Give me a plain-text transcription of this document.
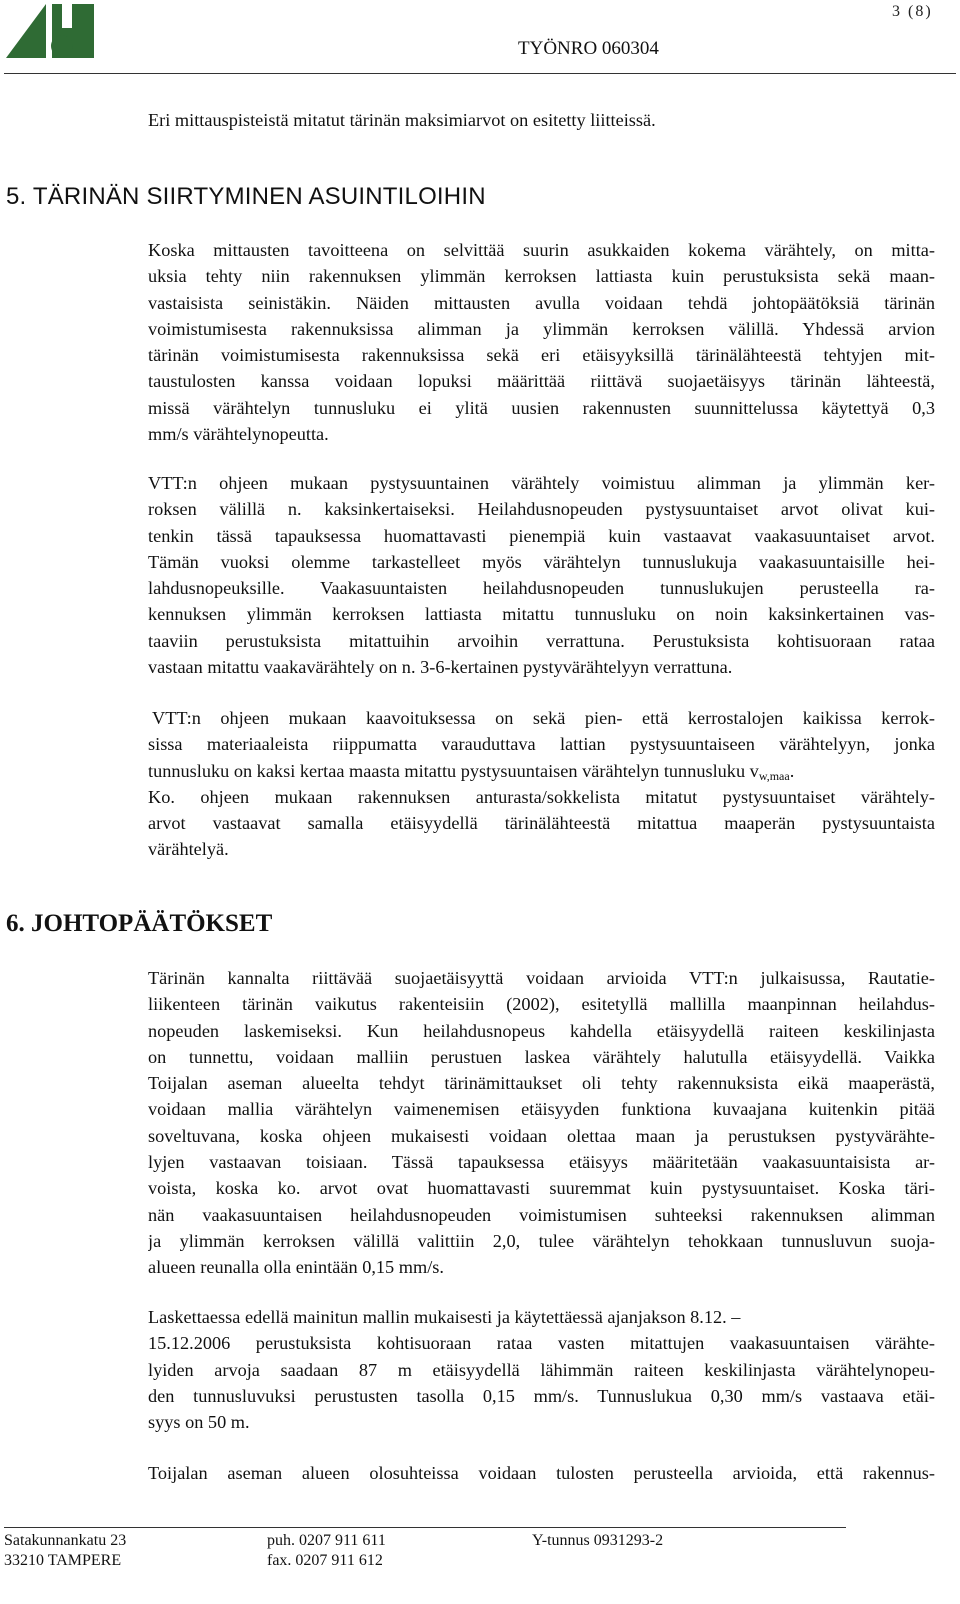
3 (8)
TYÖNRO 060304

Eri mittauspisteistä mitatut tärinän maksimiarvot on esitetty liitteissä.

5. TÄRINÄN SIIRTYMINEN ASUINTILOIHIN

Koska mittausten tavoitteena on selvittää suurin asukkaiden kokema värähtely, on mitta-
uksia tehty niin rakennuksen ylimmän kerroksen lattiasta kuin perustuksista sekä maan-
vastaisista seinistäkin. Näiden mittausten avulla voidaan tehdä johtopäätöksiä tärinän
voimistumisesta rakennuksissa alimman ja ylimmän kerroksen välillä. Yhdessä arvion
tärinän voimistumisesta rakennuksissa sekä eri etäisyyksillä tärinälähteestä tehtyjen mit-
taustulosten kanssa voidaan lopuksi määrittää riittävä suojaetäisyys tärinän lähteestä,
missä värähtelyn tunnusluku ei ylitä uusien rakennusten suunnittelussa käytettyä 0,3
mm/s värähtelynopeutta.

VTT:n ohjeen mukaan pystysuuntainen värähtely voimistuu alimman ja ylimmän ker-
roksen välillä n. kaksinkertaiseksi. Heilahdusnopeuden pystysuuntaiset arvot olivat kui-
tenkin tässä tapauksessa huomattavasti pienempiä kuin vastaavat vaakasuuntaiset arvot.
Tämän vuoksi olemme tarkastelleet myös värähtelyn tunnuslukuja vaakasuuntaisille hei-
lahdusnopeuksille. Vaakasuuntaisten heilahdusnopeuden tunnuslukujen perusteella ra-
kennuksen ylimmän kerroksen lattiasta mitattu tunnusluku on noin kaksinkertainen vas-
taaviin perustuksista mitattuihin arvoihin verrattuna. Perustuksista kohtisuoraan rataa
vastaan mitattu vaakavärähtely on n. 3-6-kertainen pystyvärähtelyyn verrattuna.

VTT:n ohjeen mukaan kaavoituksessa on sekä pien- että kerrostalojen kaikissa kerrok-
sissa materiaaleista riippumatta varauduttava lattian pystysuuntaiseen värähtelyyn, jonka
tunnusluku on kaksi kertaa maasta mitattu pystysuuntaisen värähtelyn tunnusluku $v_{w,maa}$.
Ko. ohjeen mukaan rakennuksen anturasta/sokkelista mitatut pystysuuntaiset värähtely-
arvot vastaavat samalla etäisyydellä tärinälähteestä mitattua maaperän pystysuuntaista
värähtelyä.

6. JOHTOPÄÄTÖKSET

Tärinän kannalta riittävää suojaetäisyyttä voidaan arvioida VTT:n julkaisussa, Rautatie-
liikenteen tärinän vaikutus rakenteisiin (2002), esitetyllä mallilla maanpinnan heilahdus-
nopeuden laskemiseksi. Kun heilahdusnopeus kahdella etäisyydellä raiteen keskilinjasta
on tunnettu, voidaan malliin perustuen laskea värähtely halutulla etäisyydellä. Vaikka
Toijalan aseman alueelta tehdyt tärinämittaukset oli tehty rakennuksista eikä maaperästä,
voidaan mallia värähtelyn vaimenemisen etäisyyden funktiona kuvaajana kuitenkin pitää
soveltuvana, koska ohjeen mukaisesti voidaan olettaa maan ja perustuksen pystyvärähte-
lyjen vastaavan toisiaan. Tässä tapauksessa etäisyys määritetään vaakasuuntaisista ar-
voista, koska ko. arvot ovat huomattavasti suuremmat kuin pystysuuntaiset. Koska täri-
nän vaakasuuntaisen heilahdusnopeuden voimistumisen suhteeksi rakennuksen alimman
ja ylimmän kerroksen välillä valittiin 2,0, tulee värähtelyn tehokkaan tunnusluvun suoja-
alueen reunalla olla enintään 0,15 mm/s.

Laskettaessa edellä mainitun mallin mukaisesti ja käytettäessä ajanjakson 8.12. –
15.12.2006 perustuksista kohtisuoraan rataa vasten mitattujen vaakasuuntaisen värähte-
lyiden arvoja saadaan 87 m etäisyydellä lähimmän raiteen keskilinjasta värähtelynopeu-
den tunnusluvuksi perustusten tasolla 0,15 mm/s. Tunnuslukua 0,30 mm/s vastaava etäi-
syys on 50 m.

Toijalan aseman alueen olosuhteissa voidaan tulosten perusteella arvioida, että rakennus-

Satakunnankatu 23
33210 TAMPERE
puh. 0207 911 611
fax. 0207 911 612
Y-tunnus 0931293-2
